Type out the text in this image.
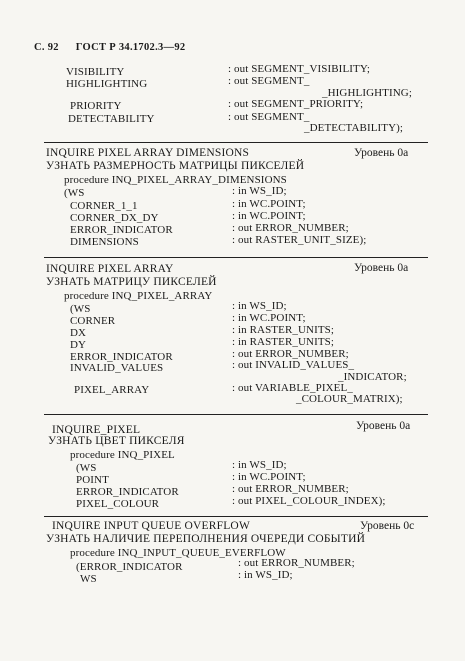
С. 92 ГОСТ Р 34.1702.3—92
VISIBILITY	: out SEGMENT_VISIBILITY;
HIGHLIGHTING	: out SEGMENT_
_HIGHLIGHTING;
PRIORITY	: out SEGMENT_PRIORITY;
DETECTABILITY	: out SEGMENT_
_DETECTABILITY);
INQUIRE PIXEL ARRAY DIMENSIONS	Уровень 0a
УЗНАТЬ РАЗМЕРНОСТЬ МАТРИЦЫ ПИКСЕЛЕЙ
procedure INQ_PIXEL_ARRAY_DIMENSIONS
(WS	: in WS_ID;
CORNER_1_1	: in WC.POINT;
CORNER_DX_DY	: in WC.POINT;
ERROR_INDICATOR	: out ERROR_NUMBER;
DIMENSIONS	: out RASTER_UNIT_SIZE);
INQUIRE PIXEL ARRAY	Уровень 0a
УЗНАТЬ МАТРИЦУ ПИКСЕЛЕЙ
procedure INQ_PIXEL_ARRAY
(WS	: in WS_ID;
CORNER	: in WC.POINT;
DX	: in RASTER_UNITS;
DY	: in RASTER_UNITS;
ERROR_INDICATOR	: out ERROR_NUMBER;
INVALID_VALUES	: out INVALID_VALUES_
_INDICATOR;
PIXEL_ARRAY	: out VARIABLE_PIXEL_
_COLOUR_MATRIX);
INQUIRE_PIXEL	Уровень 0a
УЗНАТЬ ЦВЕТ ПИКСЕЛЯ
procedure INQ_PIXEL
(WS	: in WS_ID;
POINT	: in WC.POINT;
ERROR_INDICATOR	: out ERROR_NUMBER;
PIXEL_COLOUR	: out PIXEL_COLOUR_INDEX);
INQUIRE INPUT QUEUE OVERFLOW	Уровень 0c
УЗНАТЬ НАЛИЧИЕ ПЕРЕПОЛНЕНИЯ ОЧЕРЕДИ СОБЫТИЙ
procedure INQ_INPUT_QUEUE_EVERFLOW
(ERROR_INDICATOR	: out ERROR_NUMBER;
WS	: in WS_ID;
